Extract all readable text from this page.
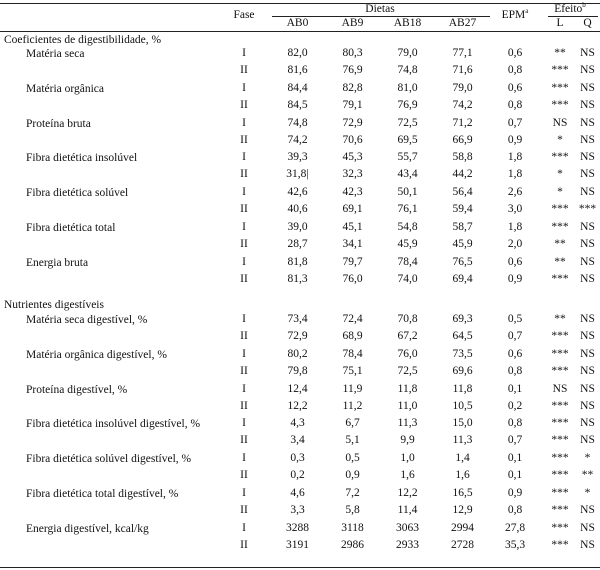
Fase	Dietas
AB0	AB9	AB18	AB27
EPM$^a$	Efeito$^b$
L	Q
Coeficientes de digestibilidade, %
Matéria seca	I	82,0	80,3	79,0	77,1	0,6	**	NS
II	81,6	76,9	74,8	71,6	0,8	***	NS
Matéria orgânica	I	84,4	82,8	81,0	79,0	0,6	***	NS
II	84,5	79,1	76,9	74,2	0,8	***	NS
Proteína bruta	I	74,8	72,9	72,5	71,2	0,7	NS	NS
II	74,2	70,6	69,5	66,9	0,9	*	NS
Fibra dietética insolúvel	I	39,3	45,3	55,7	58,8	1,8	***	NS
II	31,8|	32,3	43,4	44,2	1,8	*	NS
Fibra dietética solúvel	I	42,6	42,3	50,1	56,4	2,6	*	NS
II	40,6	69,1	76,1	59,4	3,0	*** ***
Fibra dietética total	I	39,0	45,1	54,8	58,7	1,8	***	NS
II	28,7	34,1	45,9	45,9	2,0	**	NS
Energia bruta	I	81,8	79,7	78,4	76,5	0,6	**	NS
II	81,3	76,0	74,0	69,4	0,9	***	NS
Nutrientes digestíveis
Matéria seca digestível, %	I	73,4	72,4	70,8	69,3	0,5	**	NS
II	72,9	68,9	67,2	64,5	0,7	***	NS
Matéria orgânica digestível, %	I	80,2	78,4	76,0	73,5	0,6	***	NS
II	79,8	75,1	72,5	69,6	0,8	***	NS
Proteína digestível, %	I	12,4	11,9	11,8	11,8	0,1	NS	NS
II	12,2	11,2	11,0	10,5	0,2	***	NS
Fibra dietética insolúvel digestível, %	I	4,3	6,7	11,3	15,0	0,8	***	NS
II	3,4	5,1	9,9	11,3	0,7	***	NS
Fibra dietética solúvel digestível, %	I	0,3	0,5	1,0	1,4	0,1	***	*
II	0,2	0,9	1,6	1,6	0,1	***	**
Fibra dietética total digestível, %	I	4,6	7,2	12,2	16,5	0,9	***	*
II	3,3	5,8	11,4	12,9	0,8	***	NS
Energia digestível, kcal/kg	I	3288	3118	3063	2994	27,8	***	NS
II	3191	2986	2933	2728	35,3	***	NS
